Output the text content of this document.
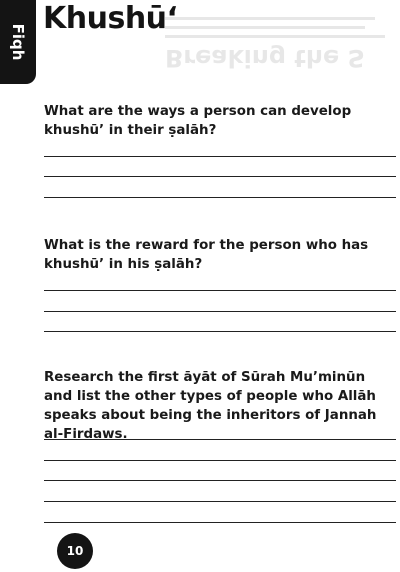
Breaking the S
Fiqh
Khushū‘

What are the ways a person can develop khushū’ in their ṣalāh?

What is the reward for the person who has khushū’ in his ṣalāh?

Research the first āyāt of Sūrah Mu’minūn and list the other types of people who Allāh speaks about being the inheritors of Jannah al-Firdaws.

10
